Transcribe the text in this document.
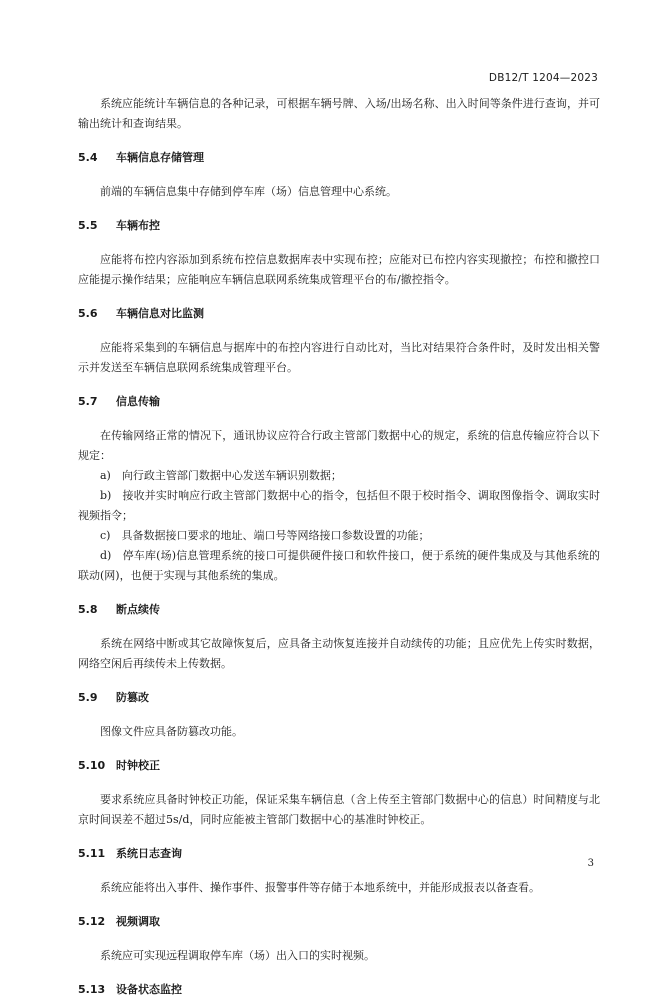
DB12/T 1204—2023

系统应能统计车辆信息的各种记录，可根据车辆号牌、入场/出场名称、出入时间等条件进行查询，并可输出统计和查询结果。

5.4	车辆信息存储管理

前端的车辆信息集中存储到停车库（场）信息管理中心系统。

5.5	车辆布控

应能将布控内容添加到系统布控信息数据库表中实现布控；应能对已布控内容实现撤控；布控和撤控口应能提示操作结果；应能响应车辆信息联网系统集成管理平台的布/撤控指令。

5.6	车辆信息对比监测

应能将采集到的车辆信息与据库中的布控内容进行自动比对，当比对结果符合条件时，及时发出相关警示并发送至车辆信息联网系统集成管理平台。

5.7	信息传输

在传输网络正常的情况下，通讯协议应符合行政主管部门数据中心的规定，系统的信息传输应符合以下规定：

a)　向行政主管部门数据中心发送车辆识别数据；

b)　接收并实时响应行政主管部门数据中心的指令，包括但不限于校时指令、调取图像指令、调取实时视频指令；

c)　具备数据接口要求的地址、端口号等网络接口参数设置的功能；

d)　停车库(场)信息管理系统的接口可提供硬件接口和软件接口，便于系统的硬件集成及与其他系统的联动(网)，也便于实现与其他系统的集成。

5.8	断点续传

系统在网络中断或其它故障恢复后，应具备主动恢复连接并自动续传的功能；且应优先上传实时数据，网络空闲后再续传未上传数据。

5.9	防篡改

图像文件应具备防篡改功能。

5.10 时钟校正

要求系统应具备时钟校正功能，保证采集车辆信息（含上传至主管部门数据中心的信息）时间精度与北京时间误差不超过5s/d，同时应能被主管部门数据中心的基准时钟校正。

5.11 系统日志查询

系统应能将出入事件、操作事件、报警事件等存储于本地系统中，并能形成报表以备查看。

5.12 视频调取

系统应可实现远程调取停车库（场）出入口的实时视频。

5.13 设备状态监控
3
